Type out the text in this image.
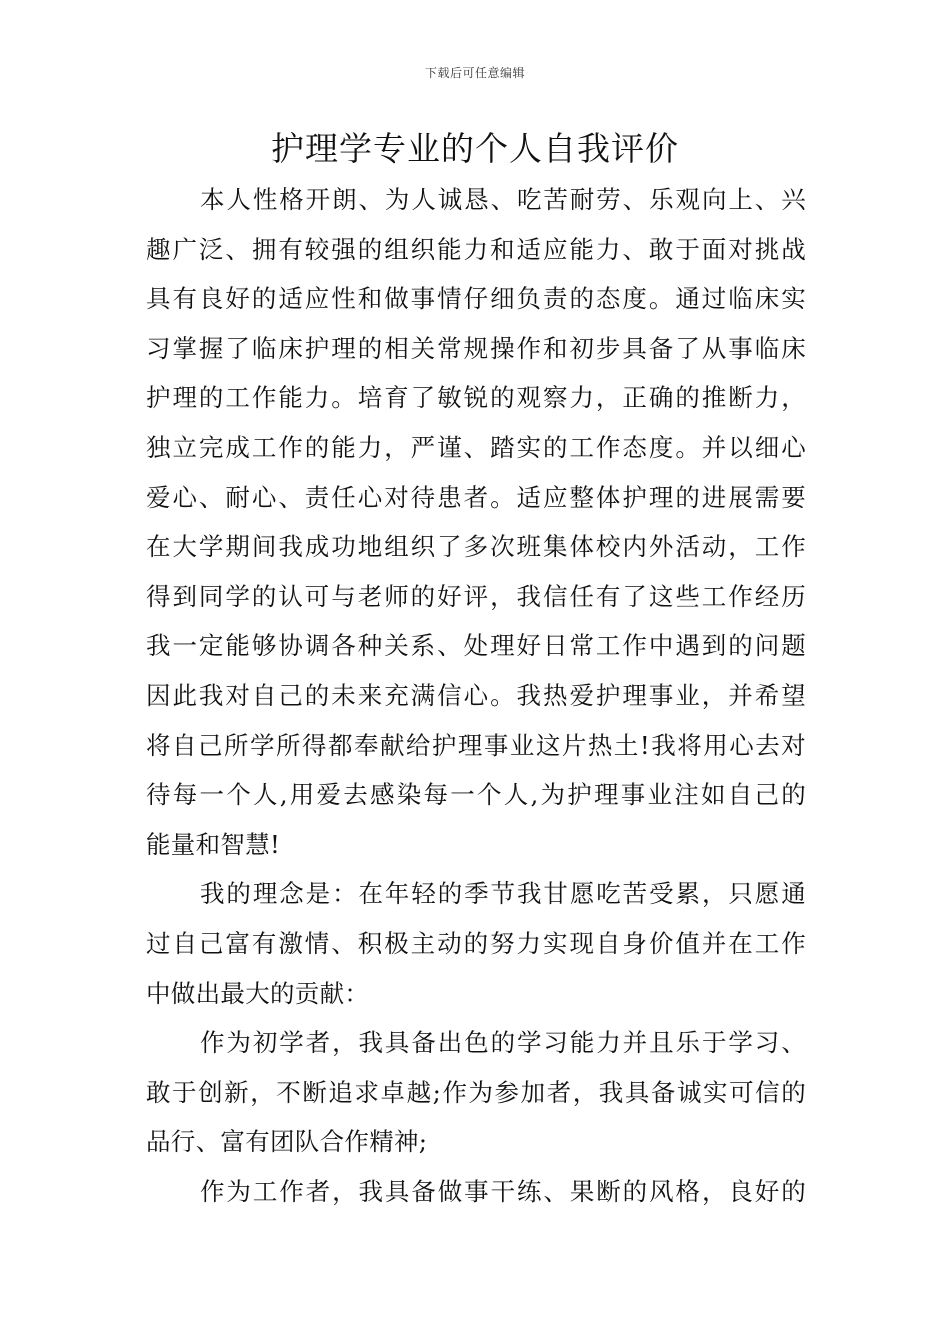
下载后可任意编辑
护理学专业的个人自我评价
本人性格开朗、为人诚恳、吃苦耐劳、乐观向上、兴
趣广泛、拥有较强的组织能力和适应能力、敢于面对挑战
具有良好的适应性和做事情仔细负责的态度。通过临床实
习掌握了临床护理的相关常规操作和初步具备了从事临床
护理的工作能力。培育了敏锐的观察力，正确的推断力，
独立完成工作的能力，严谨、踏实的工作态度。并以细心
爱心、耐心、责任心对待患者。适应整体护理的进展需要
在大学期间我成功地组织了多次班集体校内外活动，工作
得到同学的认可与老师的好评，我信任有了这些工作经历
我一定能够协调各种关系、处理好日常工作中遇到的问题
因此我对自己的未来充满信心。我热爱护理事业，并希望
将自己所学所得都奉献给护理事业这片热土!我将用心去对
待每一个人,用爱去感染每一个人,为护理事业注如自己的
能量和智慧!
我的理念是：在年轻的季节我甘愿吃苦受累，只愿通
过自己富有激情、积极主动的努力实现自身价值并在工作
中做出最大的贡献：
作为初学者，我具备出色的学习能力并且乐于学习、
敢于创新，不断追求卓越;作为参加者，我具备诚实可信的
品行、富有团队合作精神;
作为工作者，我具备做事干练、果断的风格，良好的
